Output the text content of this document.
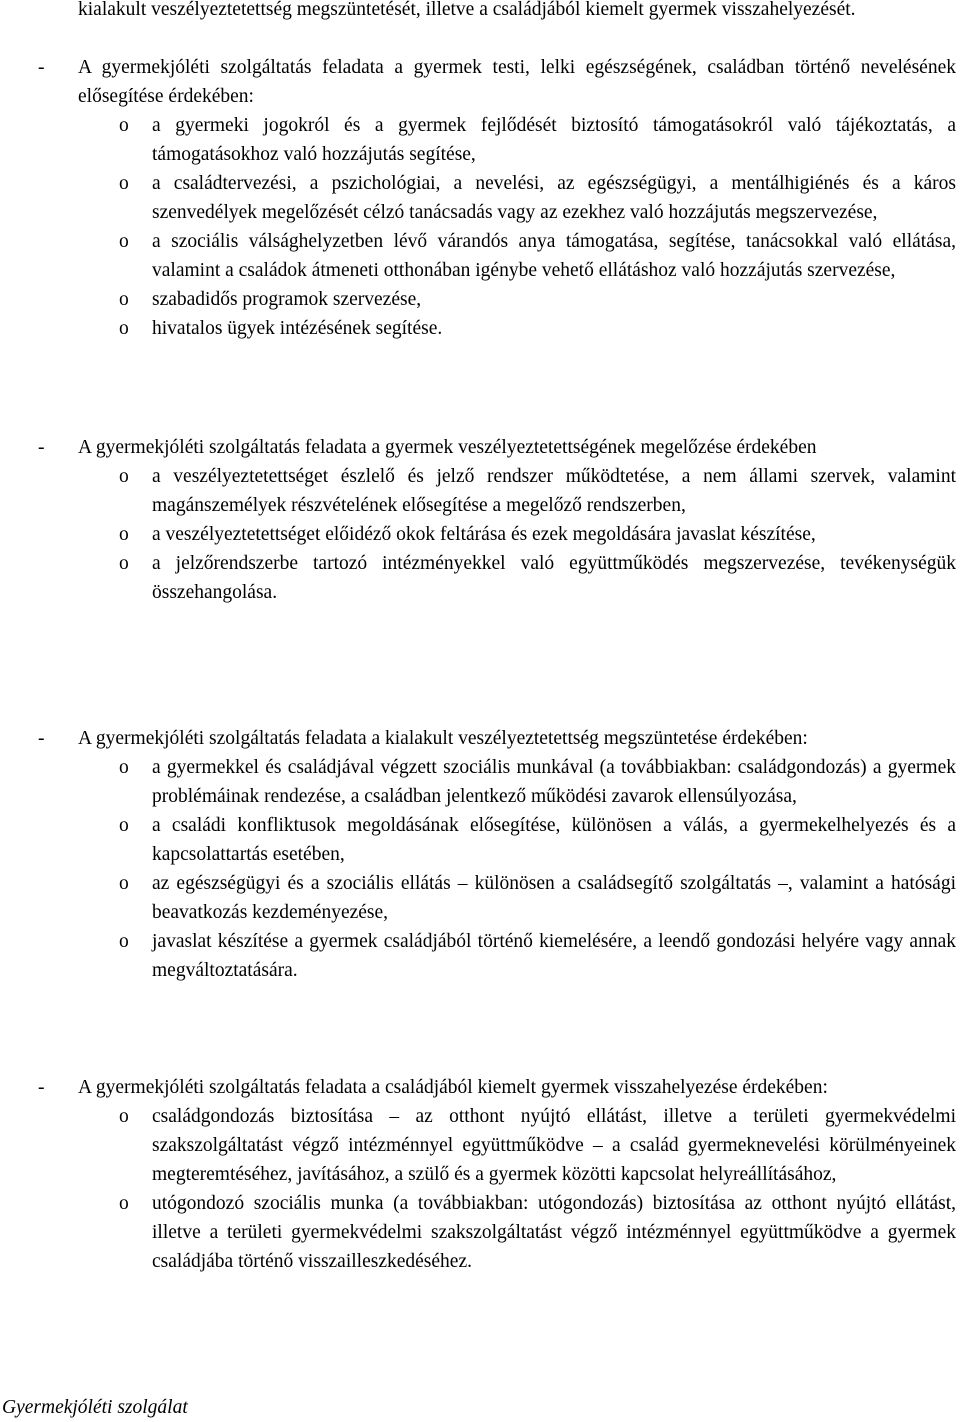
kialakult veszélyeztetettség megszüntetését, illetve a családjából kiemelt gyermek visszahelyezését.
-	A gyermekjóléti szolgáltatás feladata a gyermek testi, lelki egészségének, családban történő nevelésének elősegítése érdekében:
o	a gyermeki jogokról és a gyermek fejlődését biztosító támogatásokról való tájékoztatás, a támogatásokhoz való hozzájutás segítése,
o	a családtervezési, a pszichológiai, a nevelési, az egészségügyi, a mentálhigiénés és a káros szenvedélyek megelőzését célzó tanácsadás vagy az ezekhez való hozzájutás megszervezése,
o	a szociális válsághelyzetben lévő várandós anya támogatása, segítése, tanácsokkal való ellátása, valamint a családok átmeneti otthonában igénybe vehető ellátáshoz való hozzájutás szervezése,
o	szabadidős programok szervezése,
o	hivatalos ügyek intézésének segítése.
-	A gyermekjóléti szolgáltatás feladata a gyermek veszélyeztetettségének megelőzése érdekében
o	a veszélyeztetettséget észlelő és jelző rendszer működtetése, a nem állami szervek, valamint magánszemélyek részvételének elősegítése a megelőző rendszerben,
o	a veszélyeztetettséget előidéző okok feltárása és ezek megoldására javaslat készítése,
o	a jelzőrendszerbe tartozó intézményekkel való együttműködés megszervezése, tevékenységük összehangolása.
-	A gyermekjóléti szolgáltatás feladata a kialakult veszélyeztetettség megszüntetése érdekében:
o	a gyermekkel és családjával végzett szociális munkával (a továbbiakban: családgondozás) a gyermek problémáinak rendezése, a családban jelentkező működési zavarok ellensúlyozása,
o	a családi konfliktusok megoldásának elősegítése, különösen a válás, a gyermekelhelyezés és a kapcsolattartás esetében,
o	az egészségügyi és a szociális ellátás – különösen a családsegítő szolgáltatás –, valamint a hatósági beavatkozás kezdeményezése,
o	javaslat készítése a gyermek családjából történő kiemelésére, a leendő gondozási helyére vagy annak megváltoztatására.
-	A gyermekjóléti szolgáltatás feladata a családjából kiemelt gyermek visszahelyezése érdekében:
o	családgondozás biztosítása – az otthont nyújtó ellátást, illetve a területi gyermekvédelmi szakszolgáltatást végző intézménnyel együttműködve – a család gyermeknevelési körülményeinek megteremtéséhez, javításához, a szülő és a gyermek közötti kapcsolat helyreállításához,
o	utógondozó szociális munka (a továbbiakban: utógondozás) biztosítása az otthont nyújtó ellátást, illetve a területi gyermekvédelmi szakszolgáltatást végző intézménnyel együttműködve a gyermek családjába történő visszailleszkedéséhez.
Gyermekjóléti szolgálat
